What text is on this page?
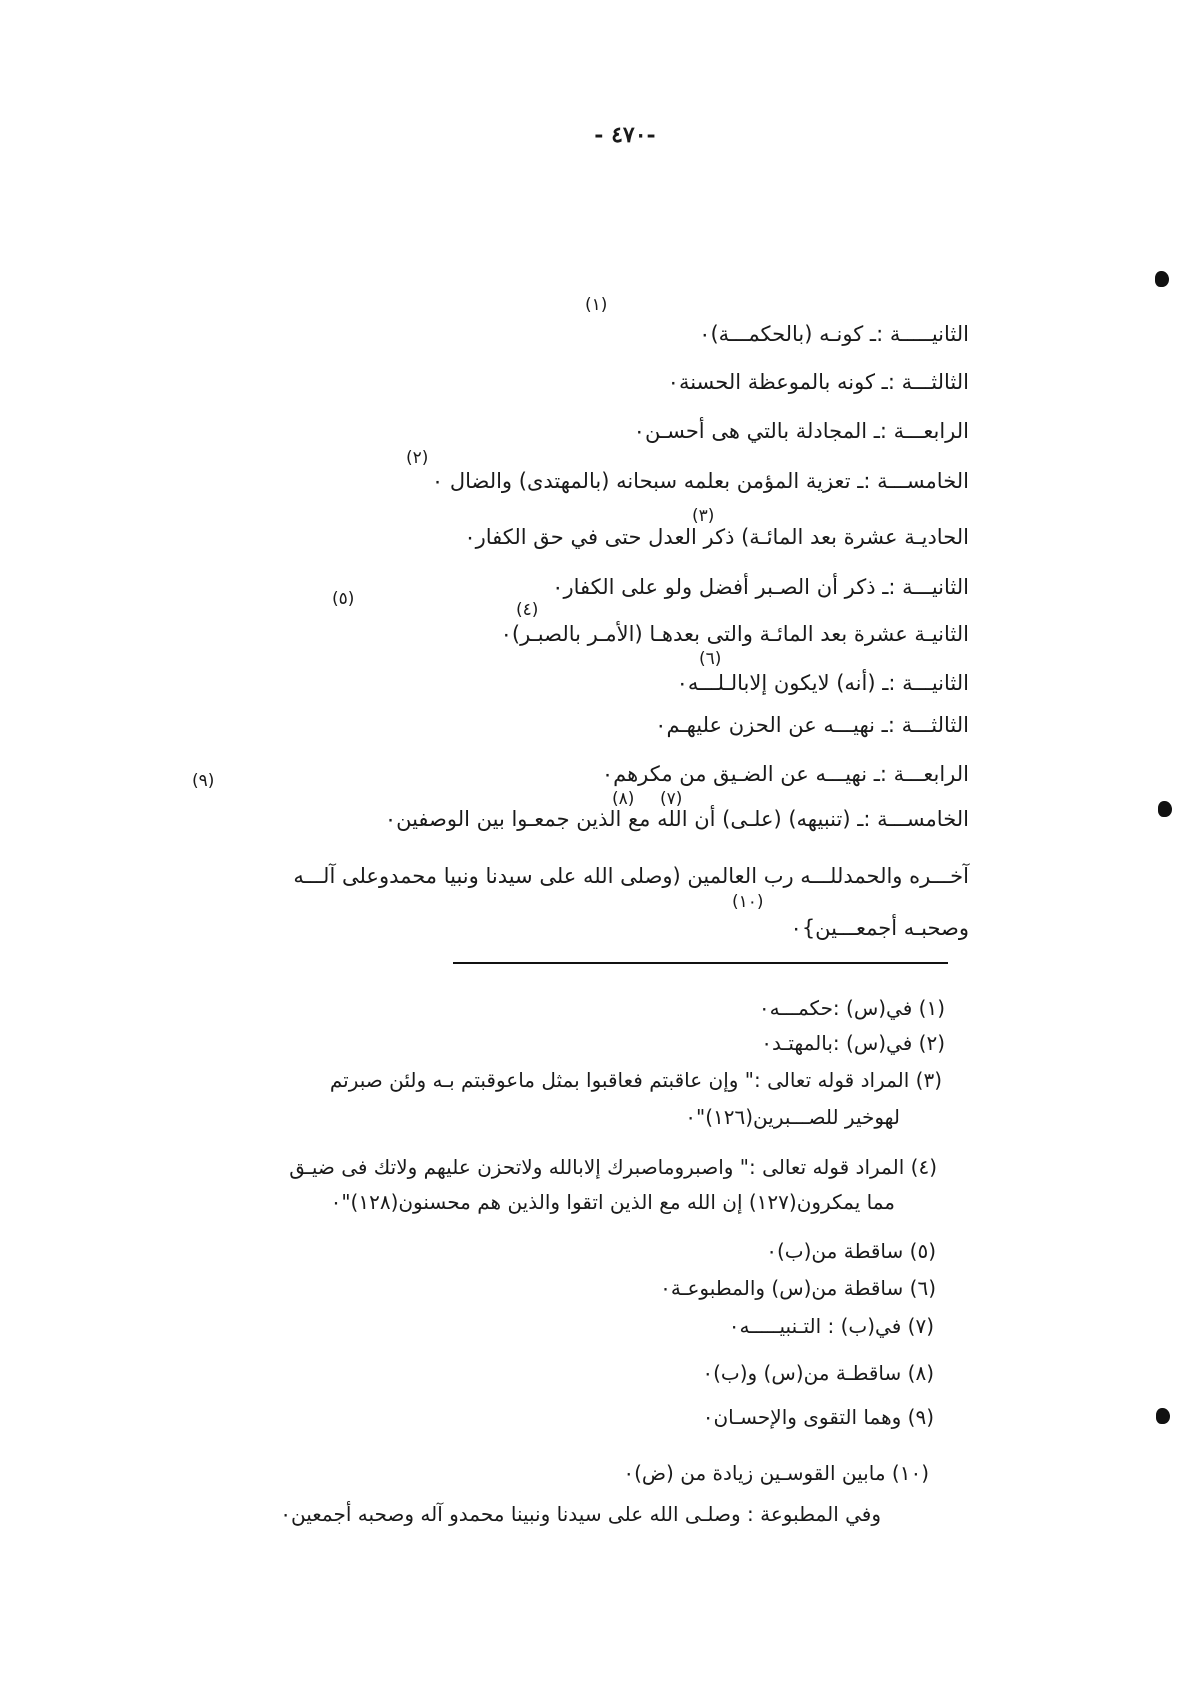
-٤٧٠ -
الثانيـــــة :ـ كونـه (بالحكمـــة)٠
الثالثـــة :ـ كونه بالموعظة الحسنة٠
الرابعـــة :ـ المجادلة بالتي هى أحسـن٠
الخامســـة :ـ تعزية المؤمن بعلمه سبحانه (بالمهتدى) والضال ٠
الحاديـة عشرة بعد المائـة) ذكر العدل حتى في حق الكفار٠
الثانيـــة :ـ ذكر أن الصـبر أفضل ولو على الكفار٠
الثانيـة عشرة بعد المائـة والتى بعدهـا (الأمـر بالصبـر)٠
الثانيـــة :ـ (أنه) لايكون إلابالـلـــه٠
الثالثـــة :ـ نهيـــه عن الحزن عليهـم٠
الرابعـــة :ـ نهيـــه عن الضـيق من مكرهم٠
الخامســـة :ـ (تنبيهه) (علـى) أن الله مع الذين جمعـوا بين الوصفين٠
آخـــره والحمدللـــه رب العالمين (وصلى الله على سيدنا ونبيا محمدوعلى آلـــه
وصحبـه أجمعـــين}٠
(١)
(٢)
(٣)
(٤)
(٥)
(٦)
(٧)
(٨)
(٩)
(١٠)
(١) في(س) :حكمـــه٠
(٢) في(س) :بالمهتـد٠
(٣) المراد قوله تعالى :" وإن عاقبتم فعاقبوا بمثل ماعوقبتم بـه ولئن صبرتم
لهوخير للصـــبرين(١٢٦)"٠
(٤) المراد قوله تعالى :" واصبروماصبرك إلابالله ولاتحزن عليهم ولاتك فى ضيـق
مما يمكرون(١٢٧) إن الله مع الذين اتقوا والذين هم محسنون(١٢٨)"٠
(٥) ساقطة من(ب)٠
(٦) ساقطة من(س) والمطبوعـة٠
(٧) في(ب) : التـنبيـــــه٠
(٨) ساقطـة من(س) و(ب)٠
(٩) وهما التقوى والإحسـان٠
(١٠) مابين القوسـين زيادة من (ض)٠
وفي المطبوعة : وصلـى الله على سيدنا ونبينا محمدو آله وصحبه أجمعين٠
